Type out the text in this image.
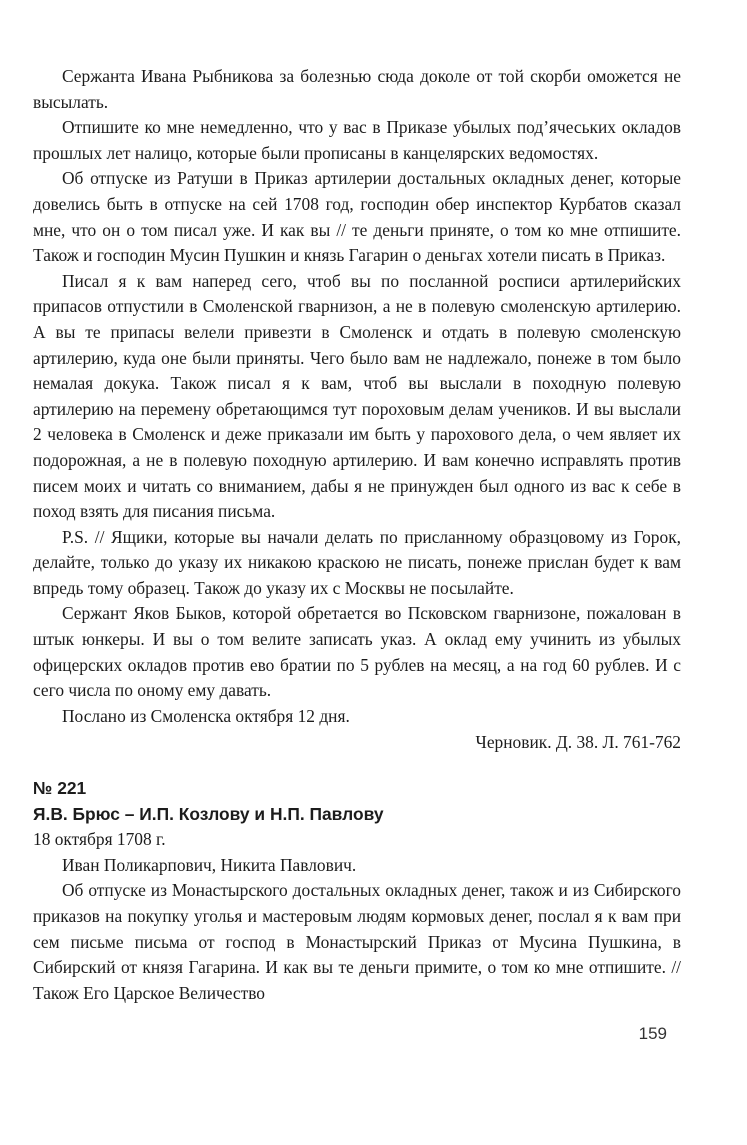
Сержанта Ивана Рыбникова за болезнью сюда доколе от той скорби оможется не высылать.

Отпишите ко мне немедленно, что у вас в Приказе убылых под’ячеських окладов прошлых лет налицо, которые были прописаны в канцелярских ведомостях.

Об отпуске из Ратуши в Приказ артилерии достальных окладных денег, которые довелись быть в отпуске на сей 1708 год, господин обер инспектор Курбатов сказал мне, что он о том писал уже. И как вы // те деньги приняте, о том ко мне отпишите. Також и господин Мусин Пушкин и князь Гагарин о деньгах хотели писать в Приказ.

Писал я к вам наперед сего, чтоб вы по посланной росписи артилерийских припасов отпустили в Смоленской гварнизон, а не в полевую смоленскую артилерию. А вы те припасы велели привезти в Смоленск и отдать в полевую смоленскую артилерию, куда оне были приняты. Чего было вам не надлежало, понеже в том было немалая докука. Також писал я к вам, чтоб вы выслали в походную полевую артилерию на перемену обретающимся тут пороховым делам учеников. И вы выслали 2 человека в Смоленск и деже приказали им быть у парохового дела, о чем являет их подорожная, а не в полевую походную артилерию. И вам конечно исправлять против писем моих и читать со вниманием, дабы я не принужден был одного из вас к себе в поход взять для писания письма.

P.S. // Ящики, которые вы начали делать по присланному образцовому из Горок, делайте, только до указу их никакою краскою не писать, понеже прислан будет к вам впредь тому образец. Також до указу их с Москвы не посылайте.

Сержант Яков Быков, которой обретается во Псковском гварнизоне, пожалован в штык юнкеры. И вы о том велите записать указ. А оклад ему учинить из убылых офицерских окладов против ево братии по 5 рублев на месяц, а на год 60 рублев. И с сего числа по оному ему давать.

Послано из Смоленска октября 12 дня.

Черновик. Д. 38. Л. 761-762

№ 221

Я.В. Брюс – И.П. Козлову и Н.П. Павлову

18 октября 1708 г.

Иван Поликарпович, Никита Павлович.

Об отпуске из Монастырского достальных окладных денег, також и из Сибирского приказов на покупку уголья и мастеровым людям кормовых денег, послал я к вам при сем письме письма от господ в Монастырский Приказ от Мусина Пушкина, в Сибирский от князя Гагарина. И как вы те деньги примите, о том ко мне отпишите. // Також Его Царское Величество

159
